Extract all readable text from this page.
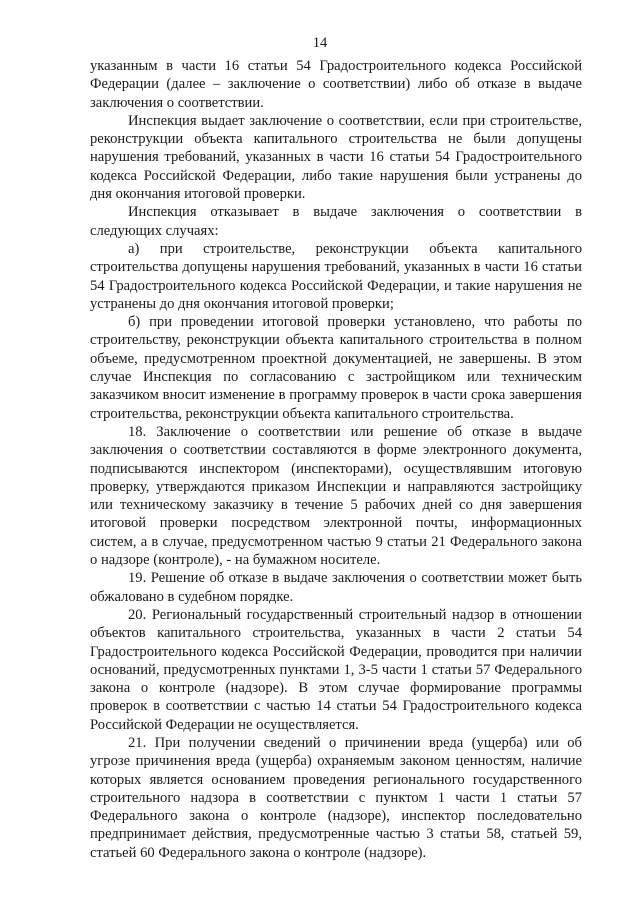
14

указанным в части 16 статьи 54 Градостроительного кодекса Российской Федерации (далее – заключение о соответствии) либо об отказе в выдаче заключения о соответствии.

Инспекция выдает заключение о соответствии, если при строительстве, реконструкции объекта капитального строительства не были допущены нарушения требований, указанных в части 16 статьи 54 Градостроительного кодекса Российской Федерации, либо такие нарушения были устранены до дня окончания итоговой проверки.

Инспекция отказывает в выдаче заключения о соответствии в следующих случаях:

а) при строительстве, реконструкции объекта капитального строительства допущены нарушения требований, указанных в части 16 статьи 54 Градостроительного кодекса Российской Федерации, и такие нарушения не устранены до дня окончания итоговой проверки;

б) при проведении итоговой проверки установлено, что работы по строительству, реконструкции объекта капитального строительства в полном объеме, предусмотренном проектной документацией, не завершены. В этом случае Инспекция по согласованию с застройщиком или техническим заказчиком вносит изменение в программу проверок в части срока завершения строительства, реконструкции объекта капитального строительства.

18. Заключение о соответствии или решение об отказе в выдаче заключения о соответствии составляются в форме электронного документа, подписываются инспектором (инспекторами), осуществлявшим итоговую проверку, утверждаются приказом Инспекции и направляются застройщику или техническому заказчику в течение 5 рабочих дней со дня завершения итоговой проверки посредством электронной почты, информационных систем, а в случае, предусмотренном частью 9 статьи 21 Федерального закона о надзоре (контроле), - на бумажном носителе.

19. Решение об отказе в выдаче заключения о соответствии может быть обжаловано в судебном порядке.

20. Региональный государственный строительный надзор в отношении объектов капитального строительства, указанных в части 2 статьи 54 Градостроительного кодекса Российской Федерации, проводится при наличии оснований, предусмотренных пунктами 1, 3-5 части 1 статьи 57 Федерального закона о контроле (надзоре). В этом случае формирование программы проверок в соответствии с частью 14 статьи 54 Градостроительного кодекса Российской Федерации не осуществляется.

21. При получении сведений о причинении вреда (ущерба) или об угрозе причинения вреда (ущерба) охраняемым законом ценностям, наличие которых является основанием проведения регионального государственного строительного надзора в соответствии с пунктом 1 части 1 статьи 57 Федерального закона о контроле (надзоре), инспектор последовательно предпринимает действия, предусмотренные частью 3 статьи 58, статьей 59, статьей 60 Федерального закона о контроле (надзоре).
